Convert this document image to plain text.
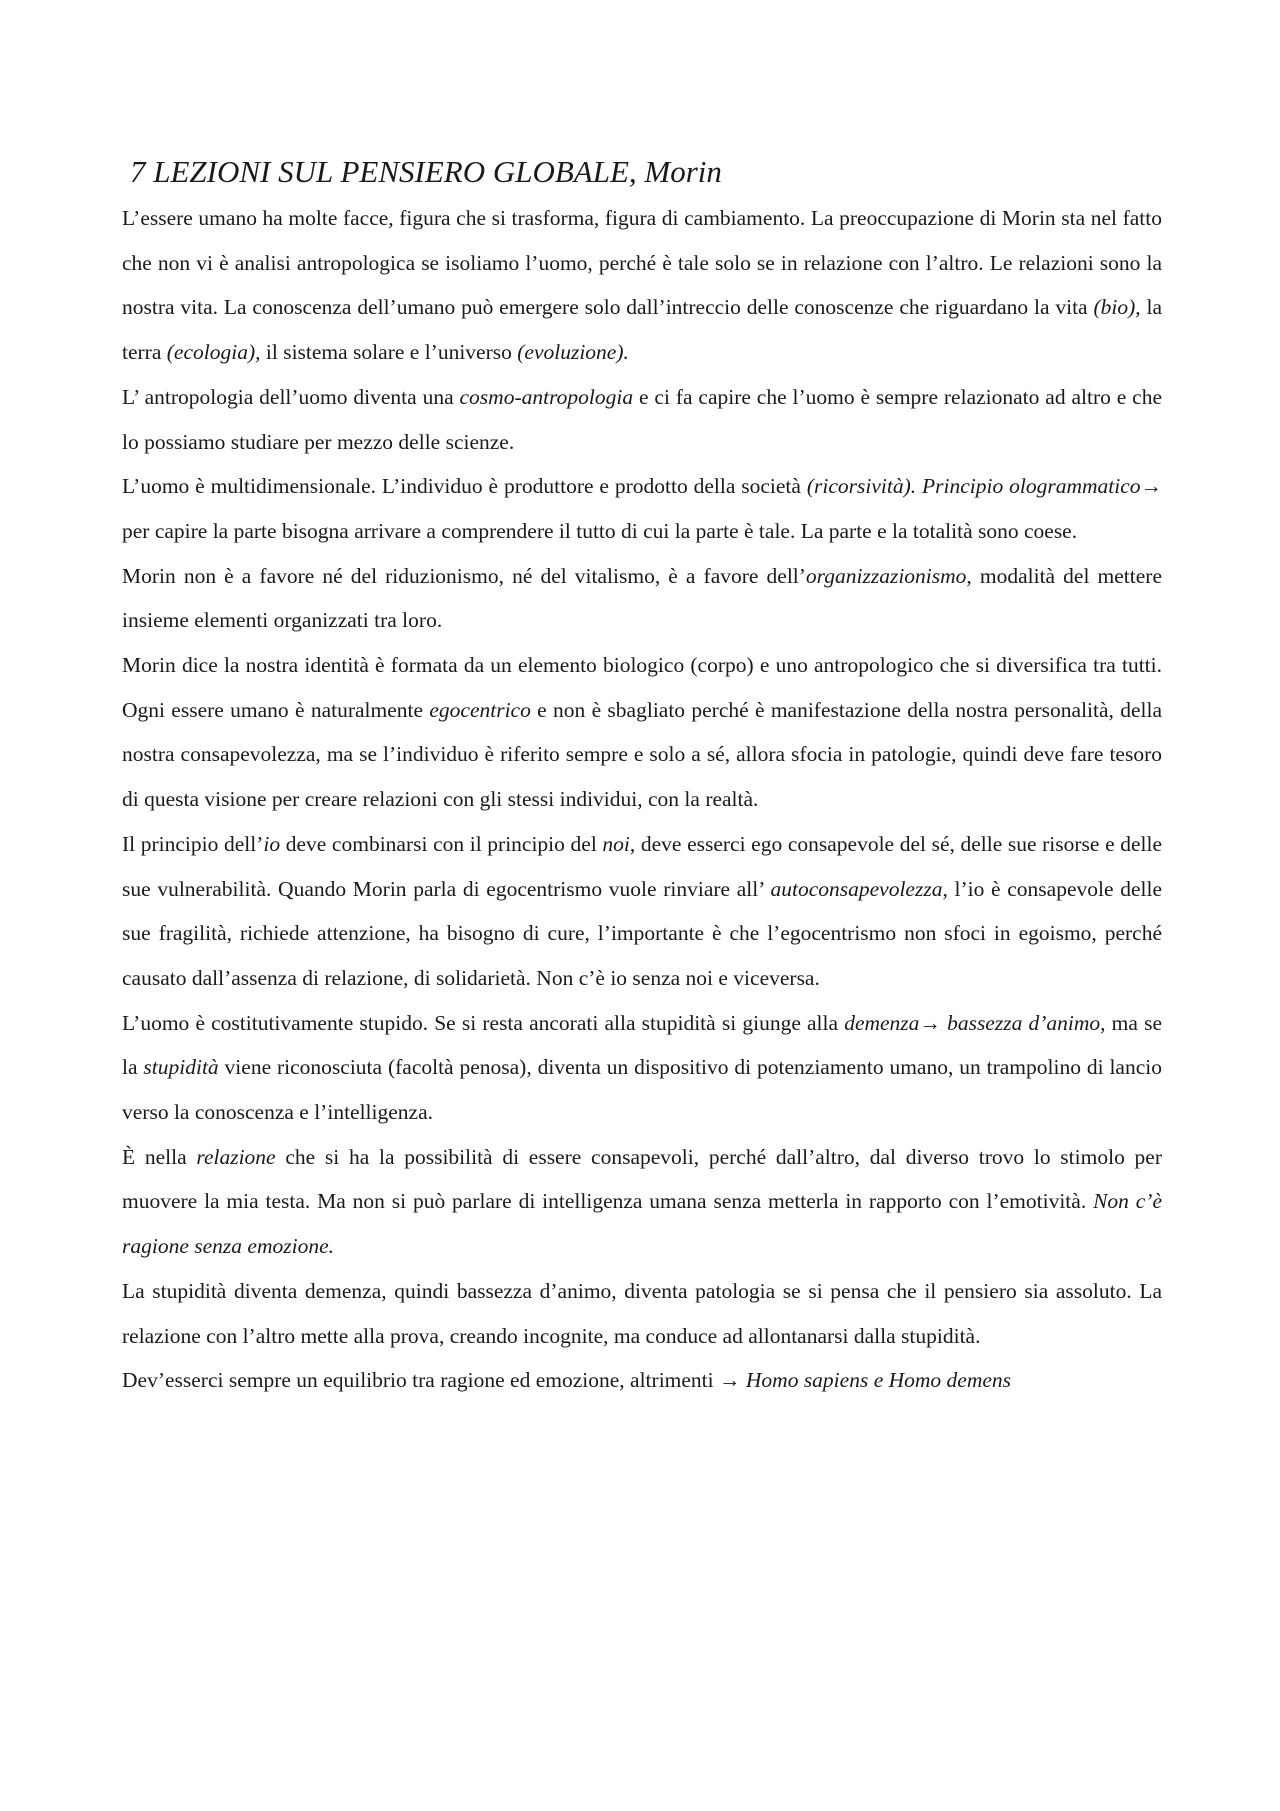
7 LEZIONI SUL PENSIERO GLOBALE, Morin

L’essere umano ha molte facce, figura che si trasforma, figura di cambiamento. La preoccupazione di Morin sta nel fatto che non vi è analisi antropologica se isoliamo l’uomo, perché è tale solo se in relazione con l’altro. Le relazioni sono la nostra vita. La conoscenza dell’umano può emergere solo dall’intreccio delle conoscenze che riguardano la vita (bio), la terra (ecologia), il sistema solare e l’universo (evoluzione).

L’ antropologia dell’uomo diventa una cosmo-antropologia e ci fa capire che l’uomo è sempre relazionato ad altro e che lo possiamo studiare per mezzo delle scienze.

L’uomo è multidimensionale. L’individuo è produttore e prodotto della società (ricorsività). Principio ologrammatico→ per capire la parte bisogna arrivare a comprendere il tutto di cui la parte è tale. La parte e la totalità sono coese.

Morin non è a favore né del riduzionismo, né del vitalismo, è a favore dell’organizzazionismo, modalità del mettere insieme elementi organizzati tra loro.

Morin dice la nostra identità è formata da un elemento biologico (corpo) e uno antropologico che si diversifica tra tutti. Ogni essere umano è naturalmente egocentrico e non è sbagliato perché è manifestazione della nostra personalità, della nostra consapevolezza, ma se l’individuo è riferito sempre e solo a sé, allora sfocia in patologie, quindi deve fare tesoro di questa visione per creare relazioni con gli stessi individui, con la realtà.

Il principio dell’io deve combinarsi con il principio del noi, deve esserci ego consapevole del sé, delle sue risorse e delle sue vulnerabilità. Quando Morin parla di egocentrismo vuole rinviare all’ autoconsapevolezza, l’io è consapevole delle sue fragilità, richiede attenzione, ha bisogno di cure, l’importante è che l’egocentrismo non sfoci in egoismo, perché causato dall’assenza di relazione, di solidarietà. Non c’è io senza noi e viceversa.

L’uomo è costitutivamente stupido. Se si resta ancorati alla stupidità si giunge alla demenza→ bassezza d’animo, ma se la stupidità viene riconosciuta (facoltà penosa), diventa un dispositivo di potenziamento umano, un trampolino di lancio verso la conoscenza e l’intelligenza.

È nella relazione che si ha la possibilità di essere consapevoli, perché dall’altro, dal diverso trovo lo stimolo per muovere la mia testa. Ma non si può parlare di intelligenza umana senza metterla in rapporto con l’emotività. Non c’è ragione senza emozione.

La stupidità diventa demenza, quindi bassezza d’animo, diventa patologia se si pensa che il pensiero sia assoluto. La relazione con l’altro mette alla prova, creando incognite, ma conduce ad allontanarsi dalla stupidità.

Dev’esserci sempre un equilibrio tra ragione ed emozione, altrimenti → Homo sapiens e Homo demens
